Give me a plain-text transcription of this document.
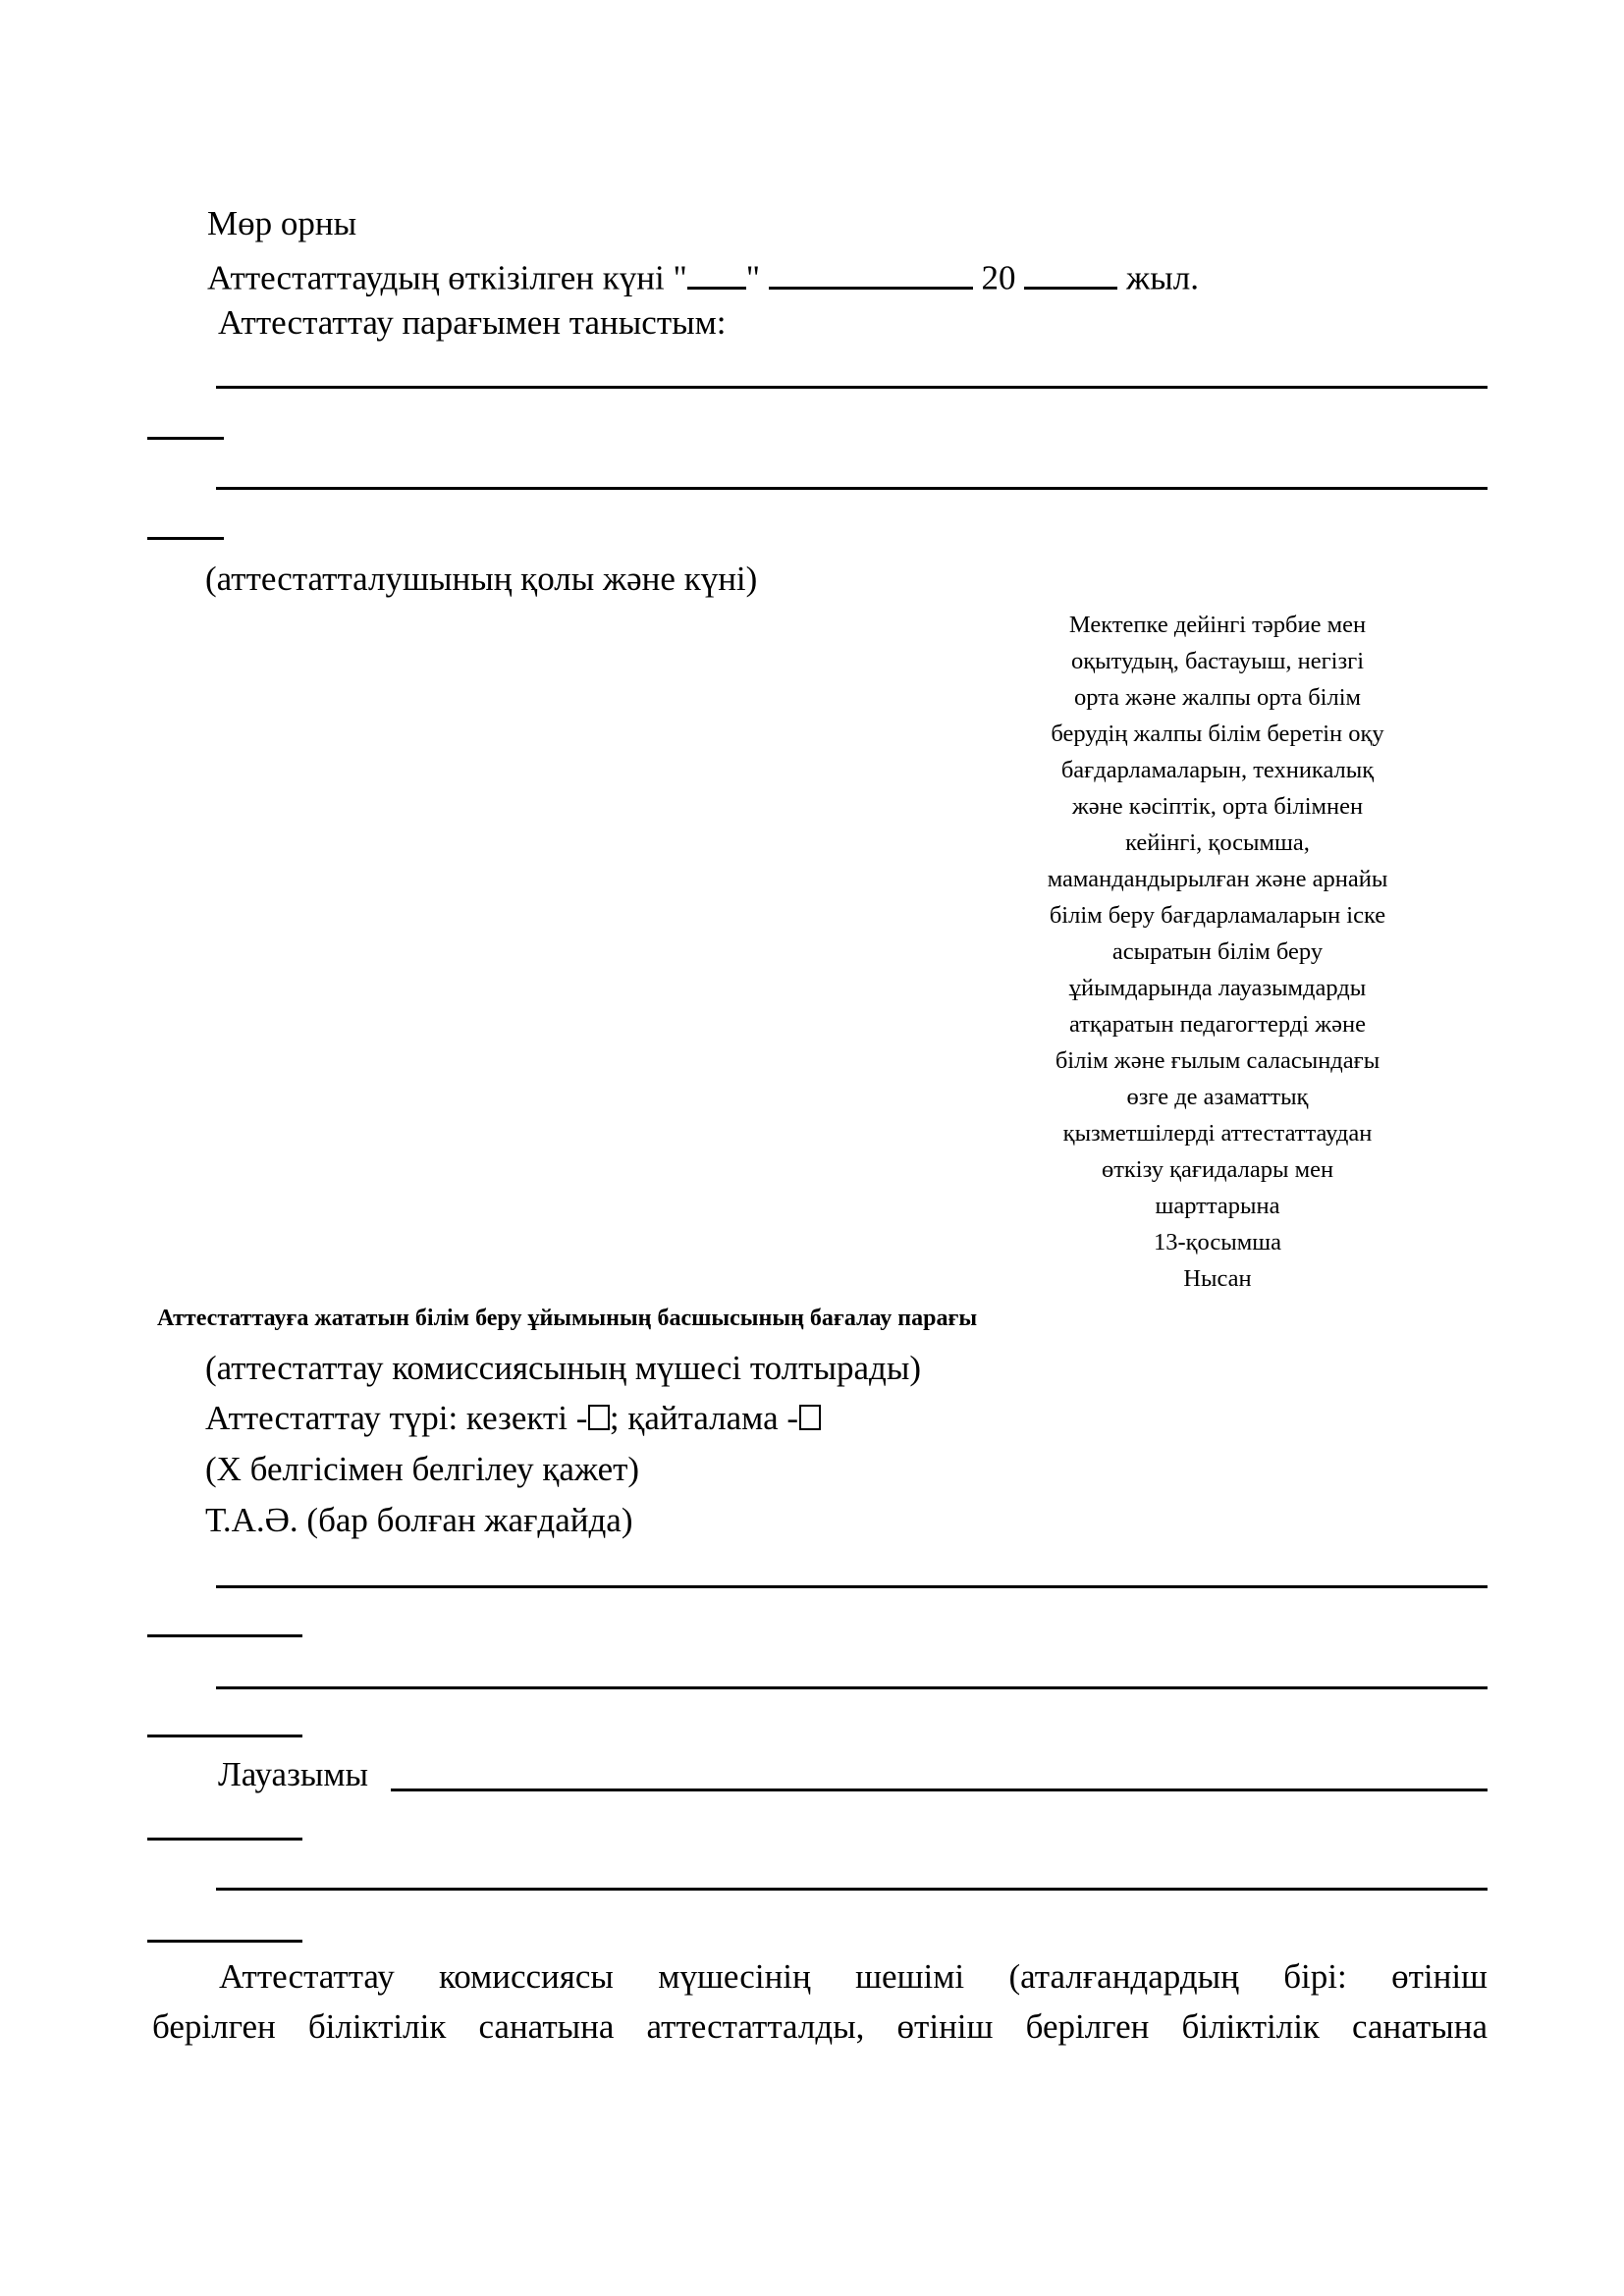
Мөр орны
Аттестаттаудың өткізілген күні " "	20	жыл.
Аттестаттау парағымен таныстым:
(аттестатталушының қолы және күні)
Мектепке дейінгі тәрбие мен
оқытудың, бастауыш, негізгі
орта және жалпы орта білім
берудің жалпы білім беретін оқу
бағдарламаларын, техникалық
және кәсіптік, орта білімнен
кейінгі, қосымша,
мамандандырылған және арнайы
білім беру бағдарламаларын іске
асыратын білім беру
ұйымдарында лауазымдарды
атқаратын педагогтерді және
білім және ғылым саласындағы
өзге де азаматтық
қызметшілерді аттестаттаудан
өткізу қағидалары мен
шарттарына
13-қосымша
Нысан
Аттестаттауға жататын білім беру ұйымының басшысының бағалау парағы
(аттестаттау комиссиясының мүшесі толтырады)
Аттестаттау түрі: кезекті - ; қайталама -
(Х белгісімен белгілеу қажет)
Т.А.Ә. (бар болған жағдайда)
Лауазымы
Аттестаттау комиссиясы мүшесінің шешімі (аталғандардың бірі: өтініш
берілген біліктілік санатына аттестатталды, өтініш берілген біліктілік санатына
